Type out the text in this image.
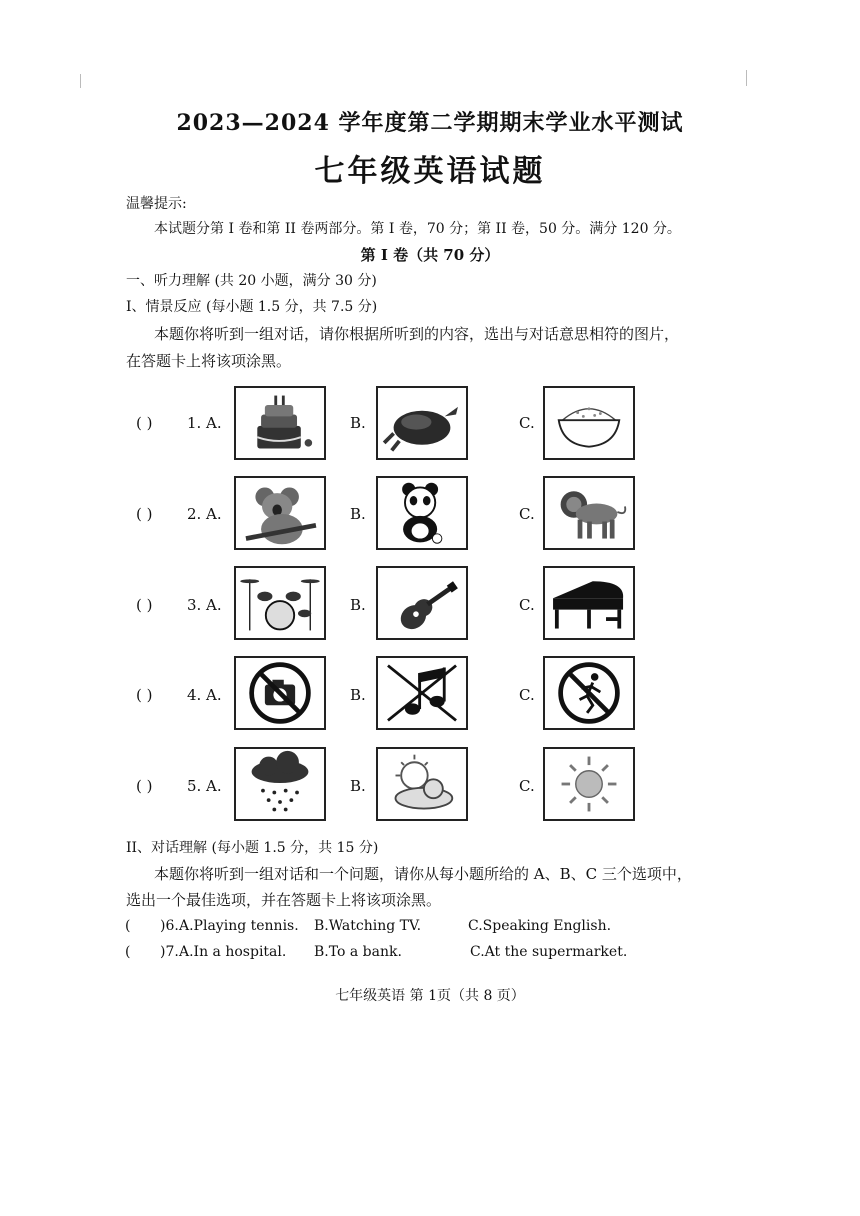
2023—2024 学年度第二学期期末学业水平测试
七年级英语试题
温馨提示:
本试题分第 I 卷和第 II 卷两部分。第 I 卷，70 分；第 II 卷，50 分。满分 120 分。
第 I 卷（共 70 分）
一、听力理解 (共 20 小题，满分 30 分)
I、情景反应 (每小题 1.5 分，共 7.5 分)
本题你将听到一组对话，请你根据所听到的内容，选出与对话意思相符的图片，
在答题卡上将该项涂黑。
( ) 1. A.	B.	C.
( ) 2. A.	B.	C.
( ) 3. A.	B.	C.
( ) 4. A.	B.	C.
( ) 5. A.	B.	C.
II、对话理解 (每小题 1.5 分，共 15 分)
本题你将听到一组对话和一个问题，请你从每小题所给的 A、B、C 三个选项中，
选出一个最佳选项，并在答题卡上将该项涂黑。
( )6. A.Playing tennis. B.Watching TV.	C.Speaking English.
( )7. A.In a hospital. B.To a bank.	C.At the supermarket.
七年级英语 第 1页（共 8 页）
